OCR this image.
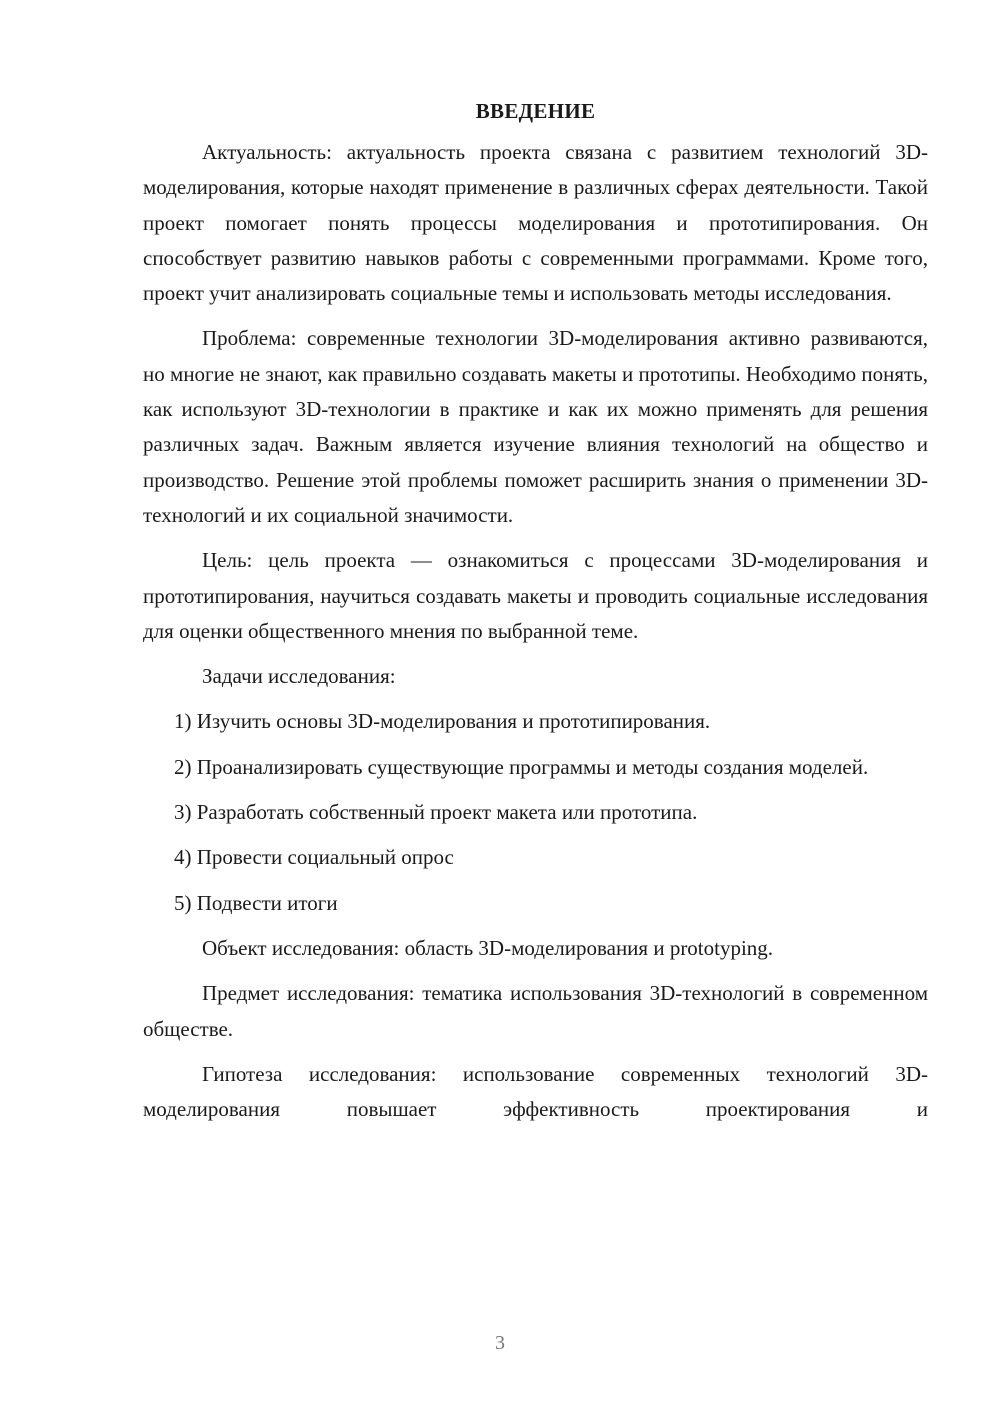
ВВЕДЕНИЕ

Актуальность: актуальность проекта связана с развитием технологий 3D-моделирования, которые находят применение в различных сферах деятельности. Такой проект помогает понять процессы моделирования и прототипирования. Он способствует развитию навыков работы с современными программами. Кроме того, проект учит анализировать социальные темы и использовать методы исследования.

Проблема: современные технологии 3D-моделирования активно развиваются, но многие не знают, как правильно создавать макеты и прототипы. Необходимо понять, как используют 3D-технологии в практике и как их можно применять для решения различных задач. Важным является изучение влияния технологий на общество и производство. Решение этой проблемы поможет расширить знания о применении 3D-технологий и их социальной значимости.

Цель: цель проекта — ознакомиться с процессами 3D-моделирования и прототипирования, научиться создавать макеты и проводить социальные исследования для оценки общественного мнения по выбранной теме.

Задачи исследования:

1) Изучить основы 3D-моделирования и прототипирования.

2) Проанализировать существующие программы и методы создания моделей.

3) Разработать собственный проект макета или прототипа.

4) Провести социальный опрос

5) Подвести итоги

Объект исследования: область 3D-моделирования и prototyping.

Предмет исследования: тематика использования 3D-технологий в современном обществе.

Гипотеза исследования: использование современных технологий 3D-моделирования повышает эффективность проектирования и

3
